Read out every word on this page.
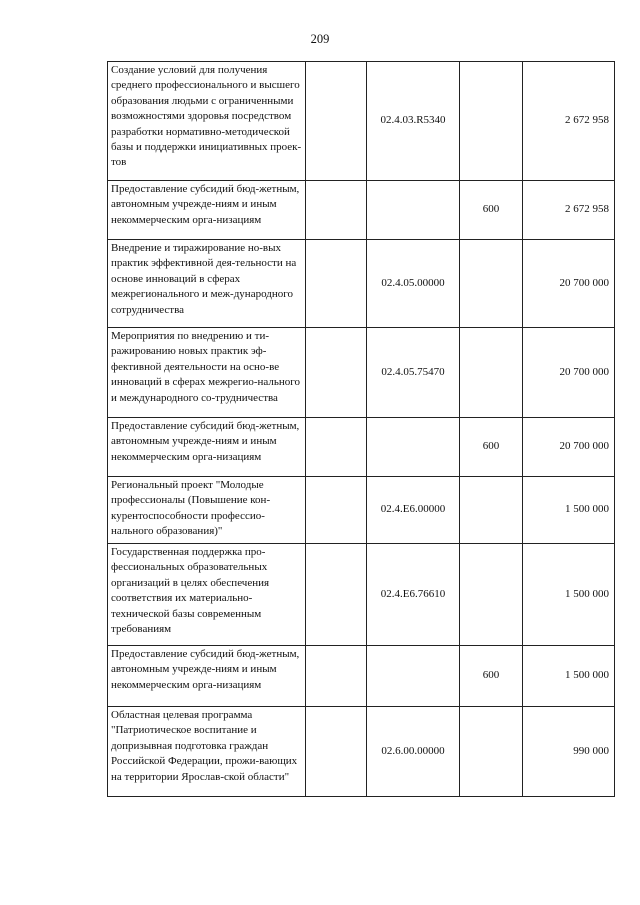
209
Создание условий для получения среднего профессионального и высшего образования людьми с ограниченными возможностями здоровья посредством разработки нормативно-методической базы и поддержки инициативных проек-тов		02.4.03.R5340		2 672 958
Предоставление субсидий бюд-жетным, автономным учрежде-ниям и иным некоммерческим орга-низациям			600	2 672 958
Внедрение и тиражирование но-вых практик эффективной дея-тельности на основе инноваций в сферах межрегионального и меж-дународного сотрудничества		02.4.05.00000		20 700 000
Мероприятия по внедрению и ти-ражированию новых практик эф-фективной деятельности на осно-ве инноваций в сферах межрегио-нального и международного со-трудничества		02.4.05.75470		20 700 000
Предоставление субсидий бюд-жетным, автономным учрежде-ниям и иным некоммерческим орга-низациям			600	20 700 000
Региональный проект "Молодые профессионалы (Повышение кон-курентоспособности профессио-нального образования)"		02.4.E6.00000		1 500 000
Государственная поддержка про-фессиональных образовательных организаций в целях обеспечения соответствия их материально-технической базы современным требованиям		02.4.E6.76610		1 500 000
Предоставление субсидий бюд-жетным, автономным учрежде-ниям и иным некоммерческим орга-низациям			600	1 500 000
Областная целевая программа "Патриотическое воспитание и допризывная подготовка граждан Российской Федерации, прожи-вающих на территории Ярослав-ской области"		02.6.00.00000		990 000
